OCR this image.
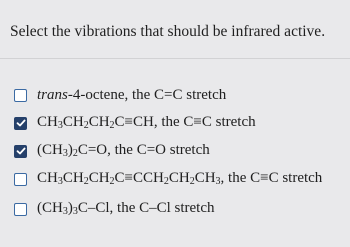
Select the vibrations that should be infrared active.
trans -4-octene, the C=C stretch
CH 3 CH 2 CH 2 C≡CH, the C≡C stretch
(CH 3 ) 2 C=O, the C=O stretch
CH 3 CH 2 CH 2 C≡CCH 2 CH 2 CH 3 , the C≡C stretch
(CH 3 ) 3 C–Cl, the C–Cl stretch
